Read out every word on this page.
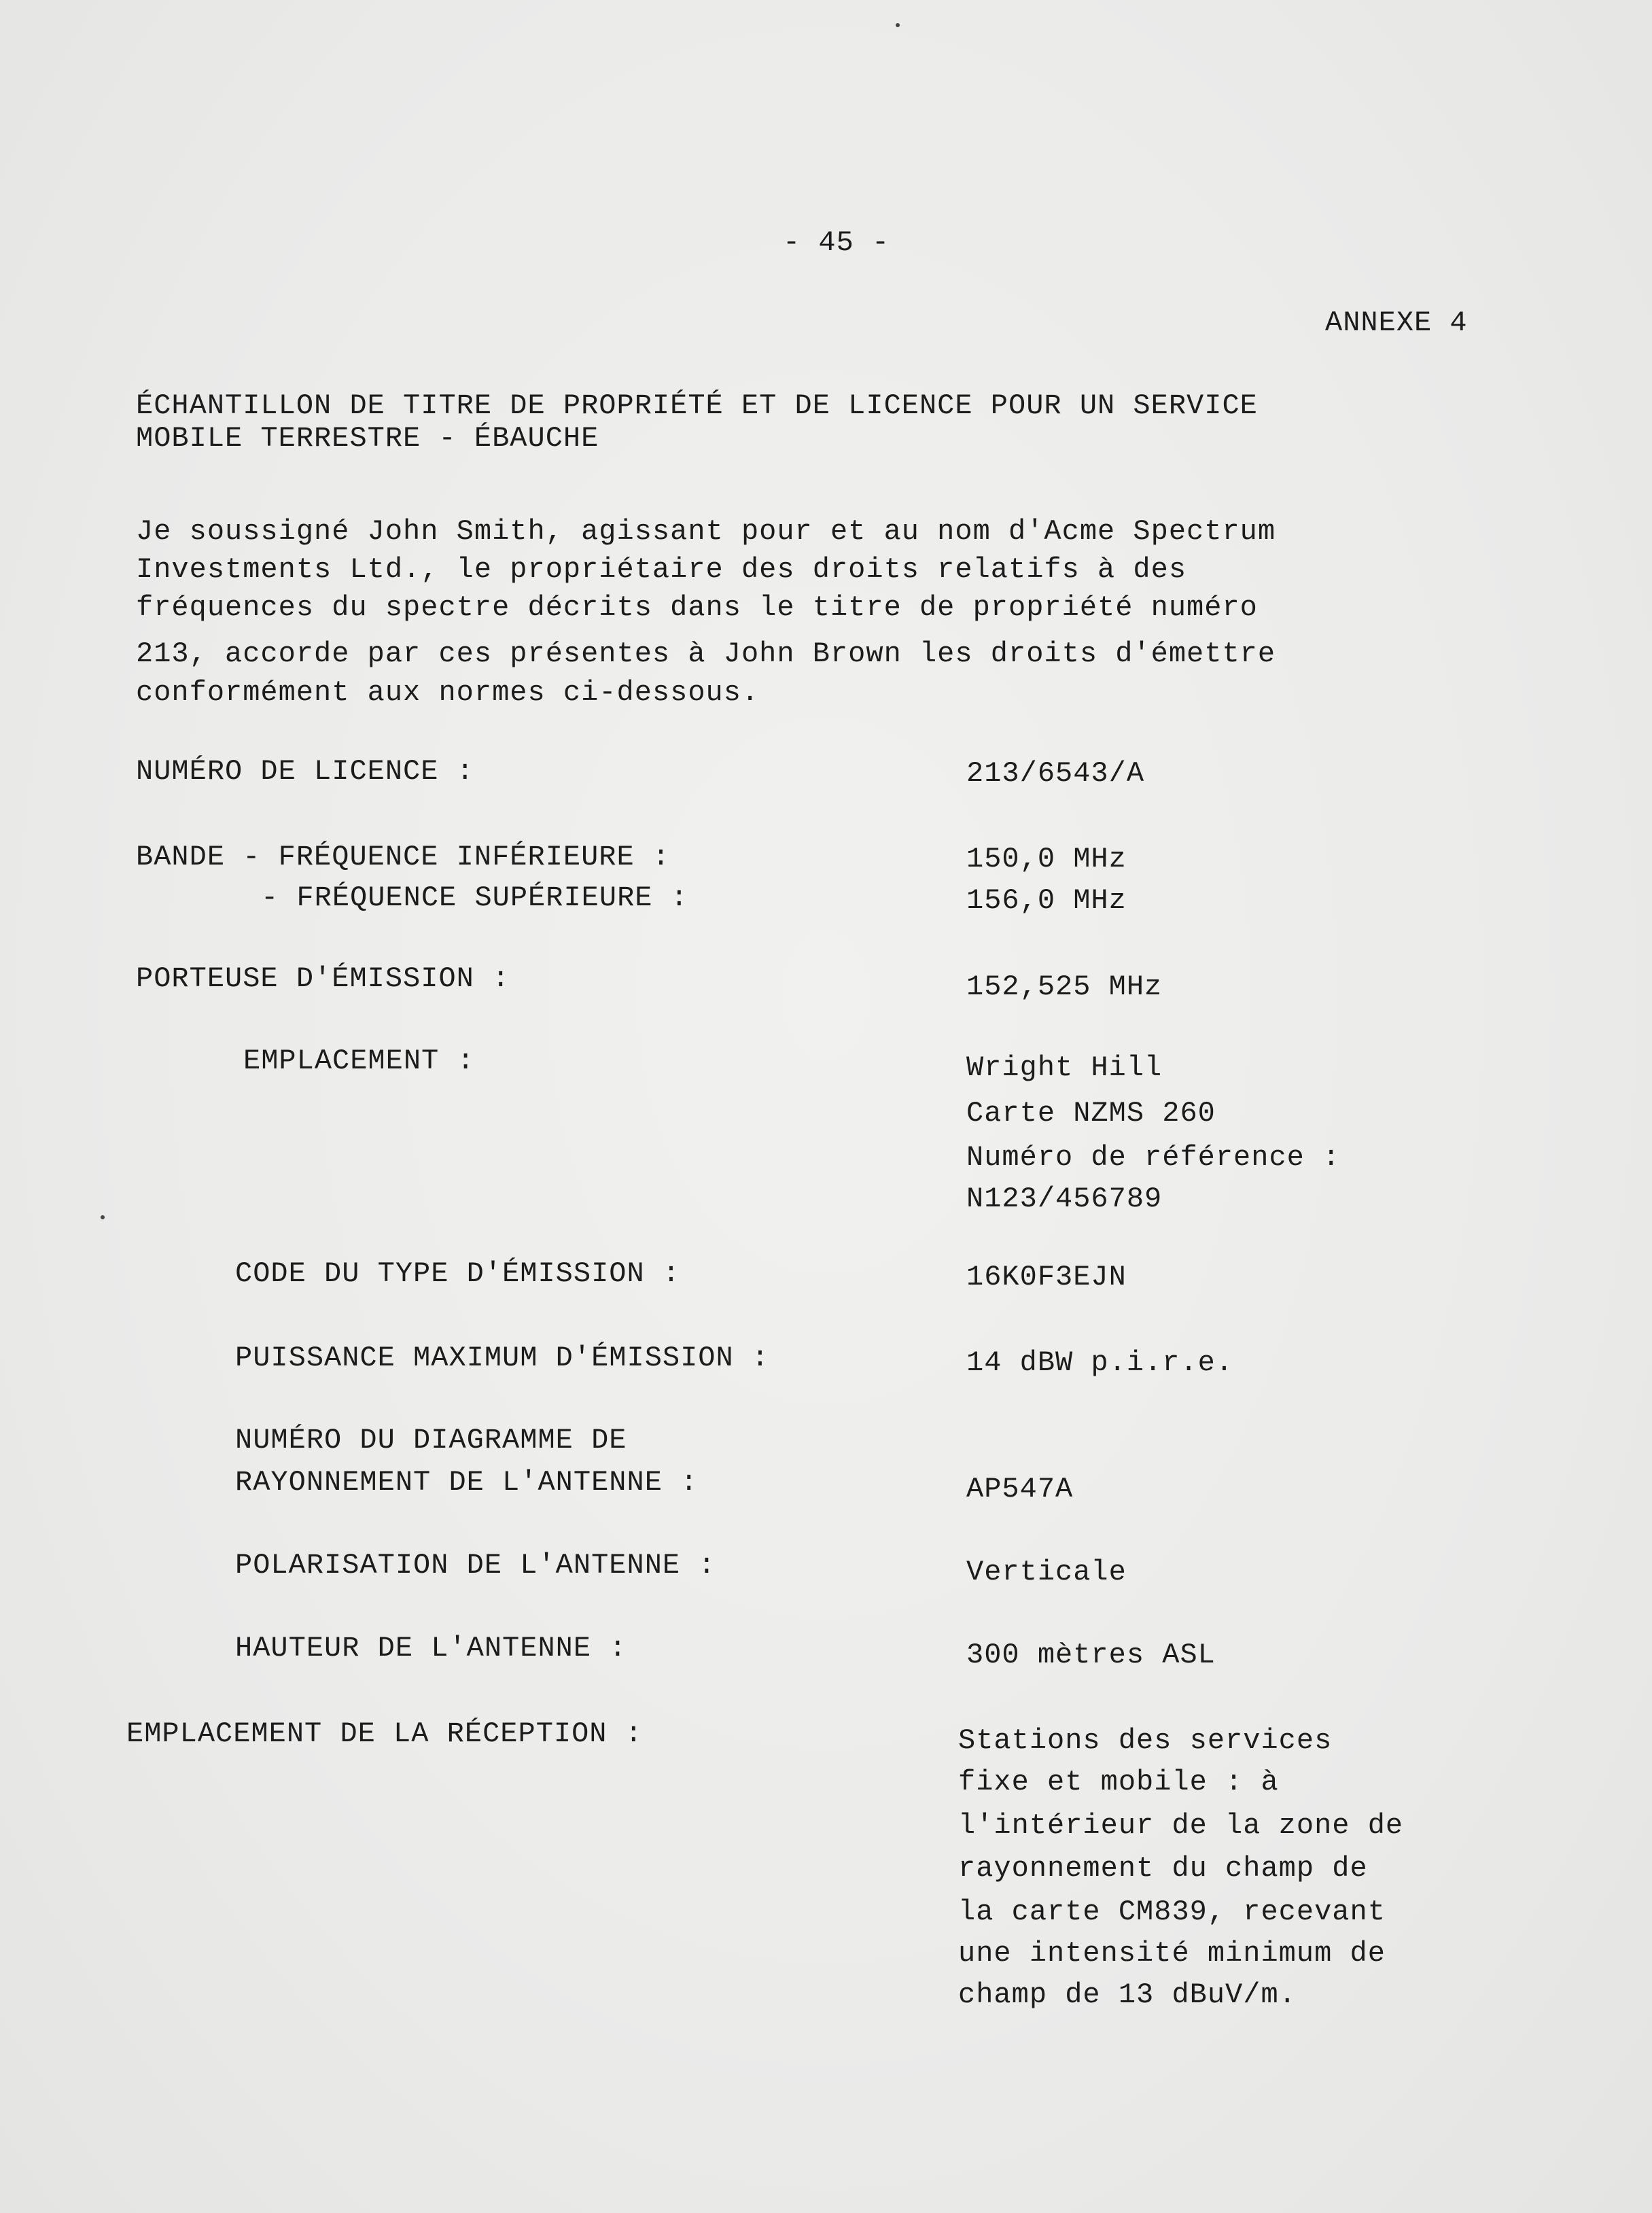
- 45 -
ANNEXE 4
ÉCHANTILLON DE TITRE DE PROPRIÉTÉ ET DE LICENCE POUR UN SERVICE
MOBILE TERRESTRE - ÉBAUCHE
Je soussigné John Smith, agissant pour et au nom d'Acme Spectrum
Investments Ltd., le propriétaire des droits relatifs à des
fréquences du spectre décrits dans le titre de propriété numéro
213, accorde par ces présentes à John Brown les droits d'émettre
conformément aux normes ci-dessous.
NUMÉRO DE LICENCE :	213/6543/A
BANDE - FRÉQUENCE INFÉRIEURE :	150,0 MHz
- FRÉQUENCE SUPÉRIEURE :	156,0 MHz
PORTEUSE D'ÉMISSION :	152,525 MHz
EMPLACEMENT :	Wright Hill
Carte NZMS 260
Numéro de référence :
N123/456789
CODE DU TYPE D'ÉMISSION :	16K0F3EJN
PUISSANCE MAXIMUM D'ÉMISSION :	14 dBW p.i.r.e.
NUMÉRO DU DIAGRAMME DE
RAYONNEMENT DE L'ANTENNE :	AP547A
POLARISATION DE L'ANTENNE :	Verticale
HAUTEUR DE L'ANTENNE :	300 mètres ASL
EMPLACEMENT DE LA RÉCEPTION :	Stations des services
fixe et mobile : à
l'intérieur de la zone de
rayonnement du champ de
la carte CM839, recevant
une intensité minimum de
champ de 13 dBuV/m.
